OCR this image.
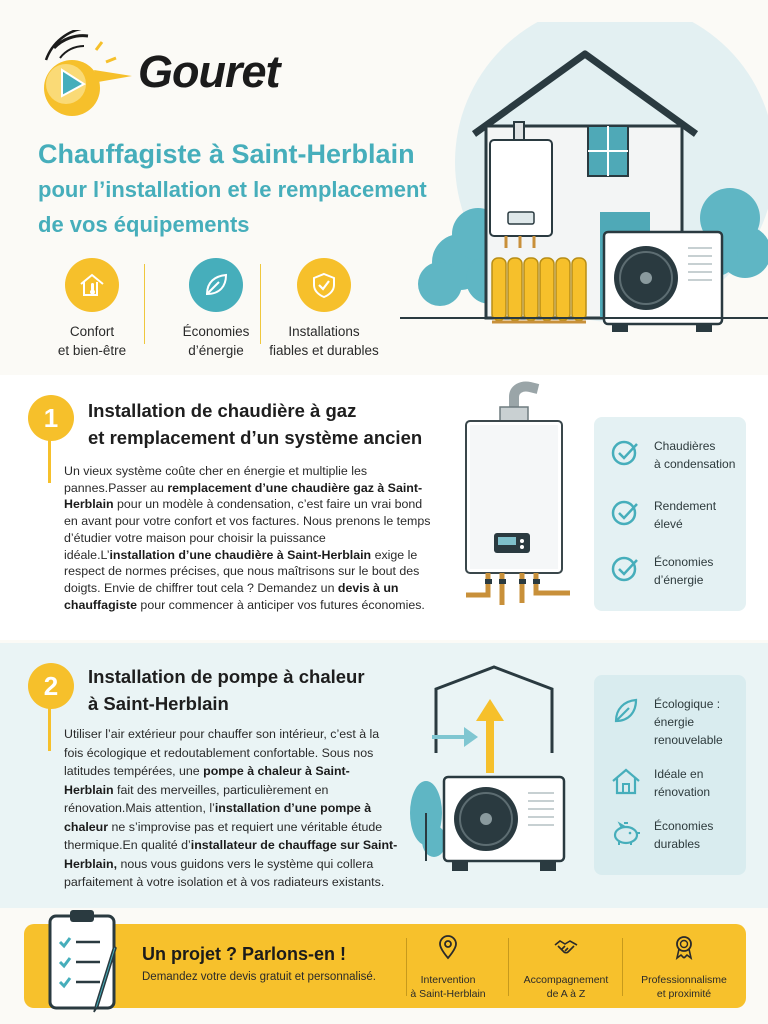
Gouret
Chauffagiste à Saint-Herblain
pour l’installation et le remplacement
de vos équipements
Confort
et bien-être
Économies
d’énergie
Installations
fiables et durables
1	Installation de chaudière à gaz
et remplacement d’un système ancien

Un vieux système coûte cher en énergie et multiplie les pannes.Passer au remplacement d’une chaudière gaz à Saint-Herblain pour un modèle à condensation, c’est faire un vrai bond en avant pour votre confort et vos factures. Nous prenons le temps d’étudier votre maison pour choisir la puissance idéale.L’installation d’une chaudière à Saint-Herblain exige le respect de normes précises, que nous maîtrisons sur le bout des doigts. Envie de chiffrer tout cela ? Demandez un devis à un chauffagiste pour commencer à anticiper vos futures économies.

Chaudières
à condensation
Rendement
élevé
Économies
d’énergie
2	Installation de pompe à chaleur
à Saint-Herblain

Utiliser l’air extérieur pour chauffer son intérieur, c’est à la fois écologique et redoutablement confortable. Sous nos latitudes tempérées, une pompe à chaleur à Saint-Herblain fait des merveilles, particulièrement en rénovation.Mais attention, l’installation d’une pompe à chaleur ne s’improvise pas et requiert une véritable étude thermique.En qualité d’installateur de chauffage sur Saint-Herblain, nous vous guidons vers le système qui collera parfaitement à votre isolation et à vos radiateurs existants.

Écologique :
énergie
renouvelable
Idéale en
rénovation
Économies
durables
Un projet ? Parlons-en !
Demandez votre devis gratuit et personnalisé.	Intervention
à Saint-Herblain
Accompagnement
de A à Z
Professionnalisme
et proximité
